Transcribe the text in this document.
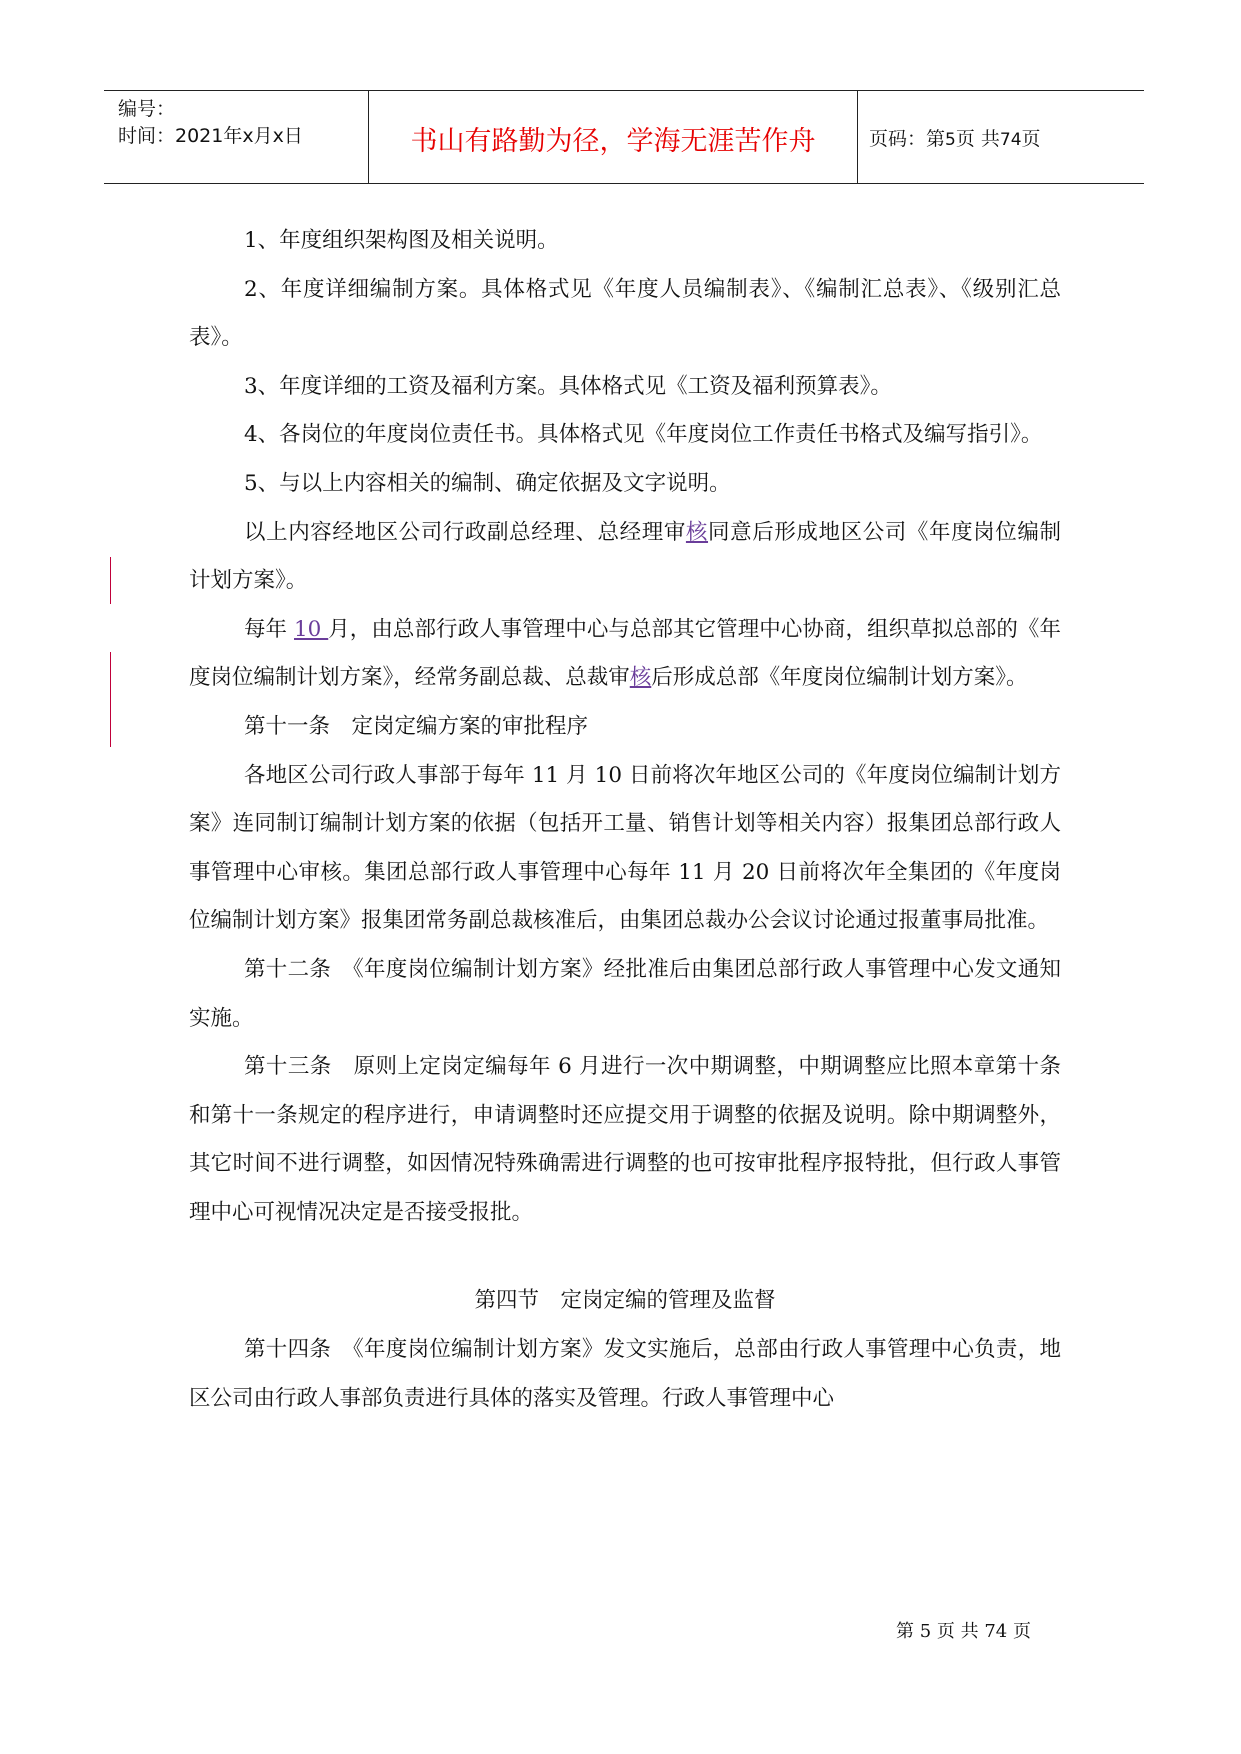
编号：
时间：2021年x月x日	书山有路勤为径，学海无涯苦作舟	页码：第5页 共74页

1、年度组织架构图及相关说明。

2、年度详细编制方案。具体格式见《年度人员编制表》、《编制汇总表》、《级别汇总表》。

3、年度详细的工资及福利方案。具体格式见《工资及福利预算表》。

4、各岗位的年度岗位责任书。具体格式见《年度岗位工作责任书格式及编写指引》。

5、与以上内容相关的编制、确定依据及文字说明。

以上内容经地区公司行政副总经理、总经理审核同意后形成地区公司《年度岗位编制计划方案》。

每年 10 月，由总部行政人事管理中心与总部其它管理中心协商，组织草拟总部的《年度岗位编制计划方案》，经常务副总裁、总裁审核后形成总部《年度岗位编制计划方案》。

第十一条　定岗定编方案的审批程序

各地区公司行政人事部于每年 11 月 10 日前将次年地区公司的《年度岗位编制计划方案》连同制订编制计划方案的依据（包括开工量、销售计划等相关内容）报集团总部行政人事管理中心审核。集团总部行政人事管理中心每年 11 月 20 日前将次年全集团的《年度岗位编制计划方案》报集团常务副总裁核准后，由集团总裁办公会议讨论通过报董事局批准。

第十二条　《年度岗位编制计划方案》经批准后由集团总部行政人事管理中心发文通知实施。

第十三条　原则上定岗定编每年 6 月进行一次中期调整，中期调整应比照本章第十条和第十一条规定的程序进行，申请调整时还应提交用于调整的依据及说明。除中期调整外，其它时间不进行调整，如因情况特殊确需进行调整的也可按审批程序报特批，但行政人事管理中心可视情况决定是否接受报批。

第四节　定岗定编的管理及监督

第十四条　《年度岗位编制计划方案》发文实施后，总部由行政人事管理中心负责，地区公司由行政人事部负责进行具体的落实及管理。行政人事管理中心

第 5 页 共 74 页
